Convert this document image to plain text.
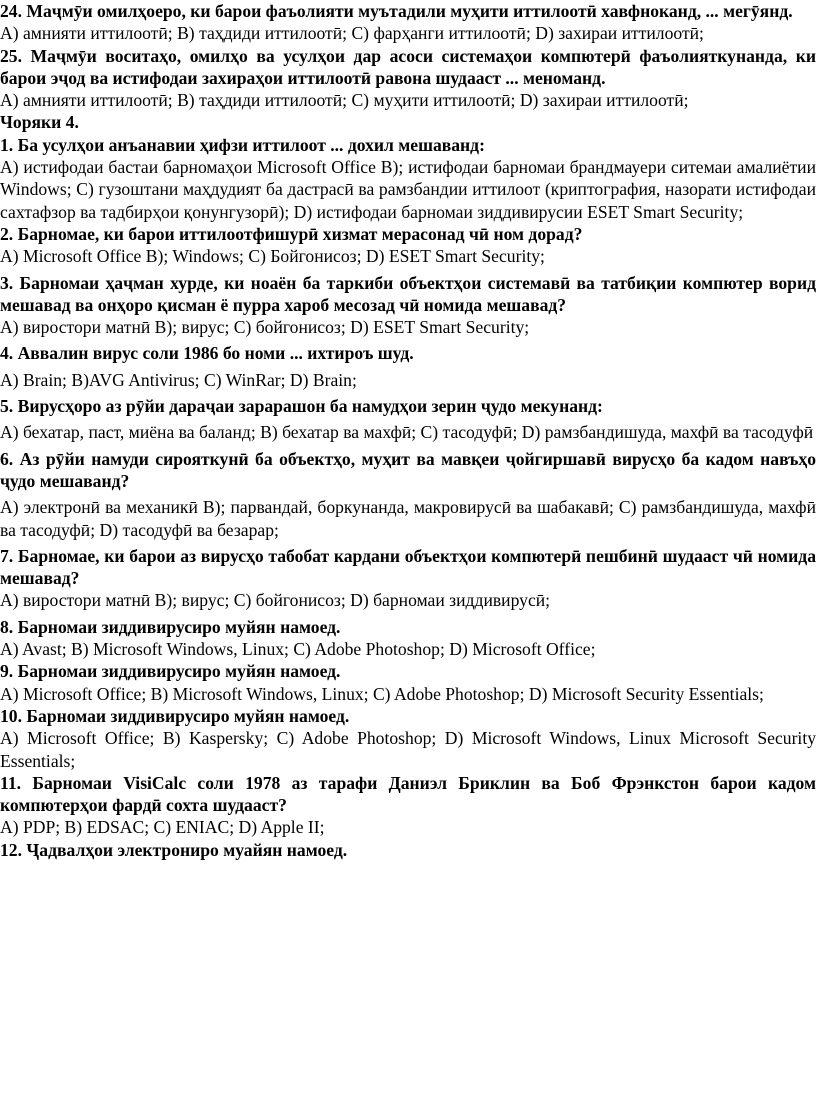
24. Маҷмӯи омилҳоеро, ки барои фаъолияти муътадили муҳити иттилоотӣ хавфноканд, ... мегӯянд.

A) амнияти иттилоотӣ; B) таҳдиди иттилоотӣ; C) фарҳанги иттилоотӣ; D) захираи иттилоотӣ;

25. Маҷмӯи воситаҳо, омилҳо ва усулҳои дар асоси системаҳои компютерӣ фаъолияткунанда, ки барои эҷод ва истифодаи захираҳои иттилоотӣ равона шудааст ... меноманд.

A) амнияти иттилоотӣ; B) таҳдиди иттилоотӣ; C) муҳити иттилоотӣ; D) захираи иттилоотӣ;

Чоряки 4.

1. Ба усулҳои анъанавии ҳифзи иттилоот ... дохил мешаванд:

A) истифодаи бастаи барномаҳои Microsoft Office B); истифодаи барномаи брандмауери ситемаи амалиётии Windows; C) гузоштани маҳдудият ба дастрасӣ ва рамзбандии иттилоот (криптография, назорати истифодаи сахтафзор ва тадбирҳои қонунгузорӣ); D) истифодаи барномаи зиддивирусии ESET Smart Security;

2. Барномае, ки барои иттилоотфишурӣ хизмат мерасонад чӣ ном дорад?

A) Microsoft Office B); Windows; C) Бойгонисоз; D) ESET Smart Security;

3. Барномаи ҳаҷман хурде, ки ноаён ба таркиби объектҳои системавӣ ва татбиқии компютер ворид мешавад ва онҳоро қисман ё пурра хароб месозад чӣ номида мешавад?

A) виростори матнӣ B); вирус; C) бойгонисоз; D) ESET Smart Security;

4. Аввалин вирус соли 1986 бо номи ... ихтироъ шуд.

A) Brain; B)AVG Antivirus; C) WinRar; D) Brain;

5. Вирусҳоро аз рӯйи дараҷаи зарарашон ба намудҳои зерин ҷудо мекунанд:

A) бехатар, паст, миёна ва баланд; B) бехатар ва махфӣ; C) тасодуфӣ; D) рамзбандишуда, махфӣ ва тасодуфӣ

6. Аз рӯйи намуди сирояткунӣ ба объектҳо, муҳит ва мавқеи ҷойгиршавӣ вирусҳо ба кадом навъҳо ҷудо мешаванд?

A) электронӣ ва механикӣ B); парвандай, боркунанда, макровирусӣ ва шабакавӣ; C) рамзбандишуда, махфӣ ва тасодуфӣ; D) тасодуфӣ ва безарар;

7. Барномае, ки барои аз вирусҳо табобат кардани объектҳои компютерӣ пешбинӣ шудааст чӣ номида мешавад?

A) виростори матнӣ B); вирус; C) бойгонисоз; D) барномаи зиддивирусӣ;

8. Барномаи зиддивирусиро муйян намоед.

A) Avast; B) Microsoft Windows, Linux; C) Adobe Photoshop; D) Microsoft Office;

9. Барномаи зиддивирусиро муйян намоед.

A) Microsoft Office; B) Microsoft Windows, Linux; C) Adobe Photoshop; D) Microsoft Security Essentials;

10. Барномаи зиддивирусиро муйян намоед.

A) Microsoft Office; B) Kaspersky; C) Adobe Photoshop; D) Microsoft Windows, Linux Microsoft Security Essentials;

11. Барномаи VisiCalc соли 1978 аз тарафи Даниэл Бриклин ва Боб Фрэнкстон барои кадом компютерҳои фардӣ сохта шудааст?

A) PDP; B) EDSAC; C) ENIAC; D) Apple II;

12. Ҷадвалҳои электрониро муайян намоед.
